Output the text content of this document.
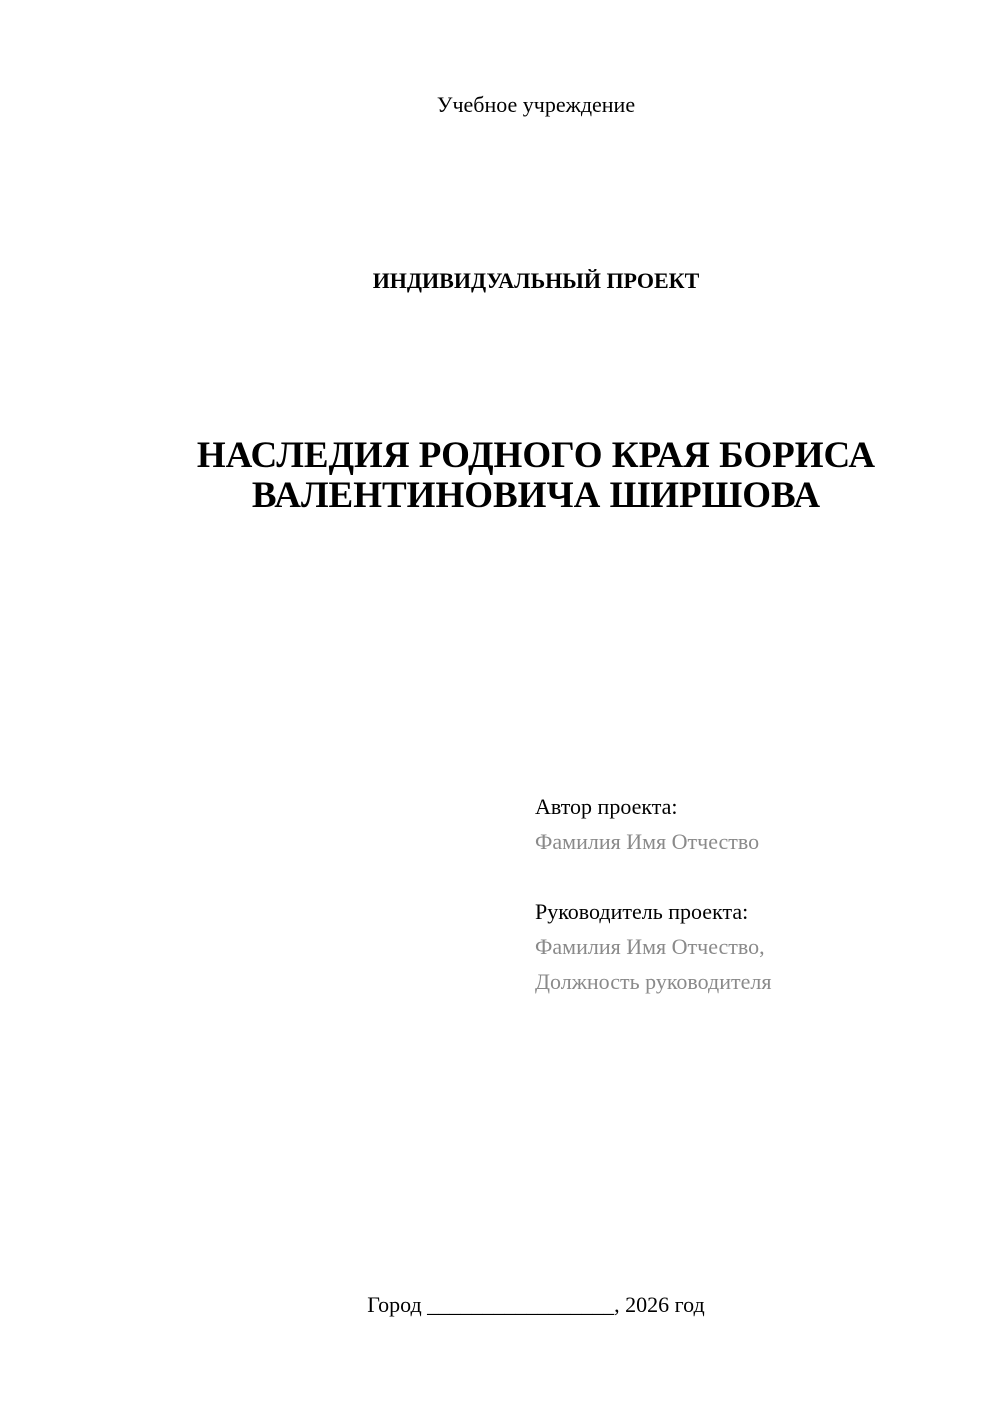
Учебное учреждение
ИНДИВИДУАЛЬНЫЙ ПРОЕКТ
НАСЛЕДИЯ РОДНОГО КРАЯ БОРИСА
ВАЛЕНТИНОВИЧА ШИРШОВА
Автор проекта:
Фамилия Имя Отчество
Руководитель проекта:
Фамилия Имя Отчество,
Должность руководителя
Город _________________, 2026 год
